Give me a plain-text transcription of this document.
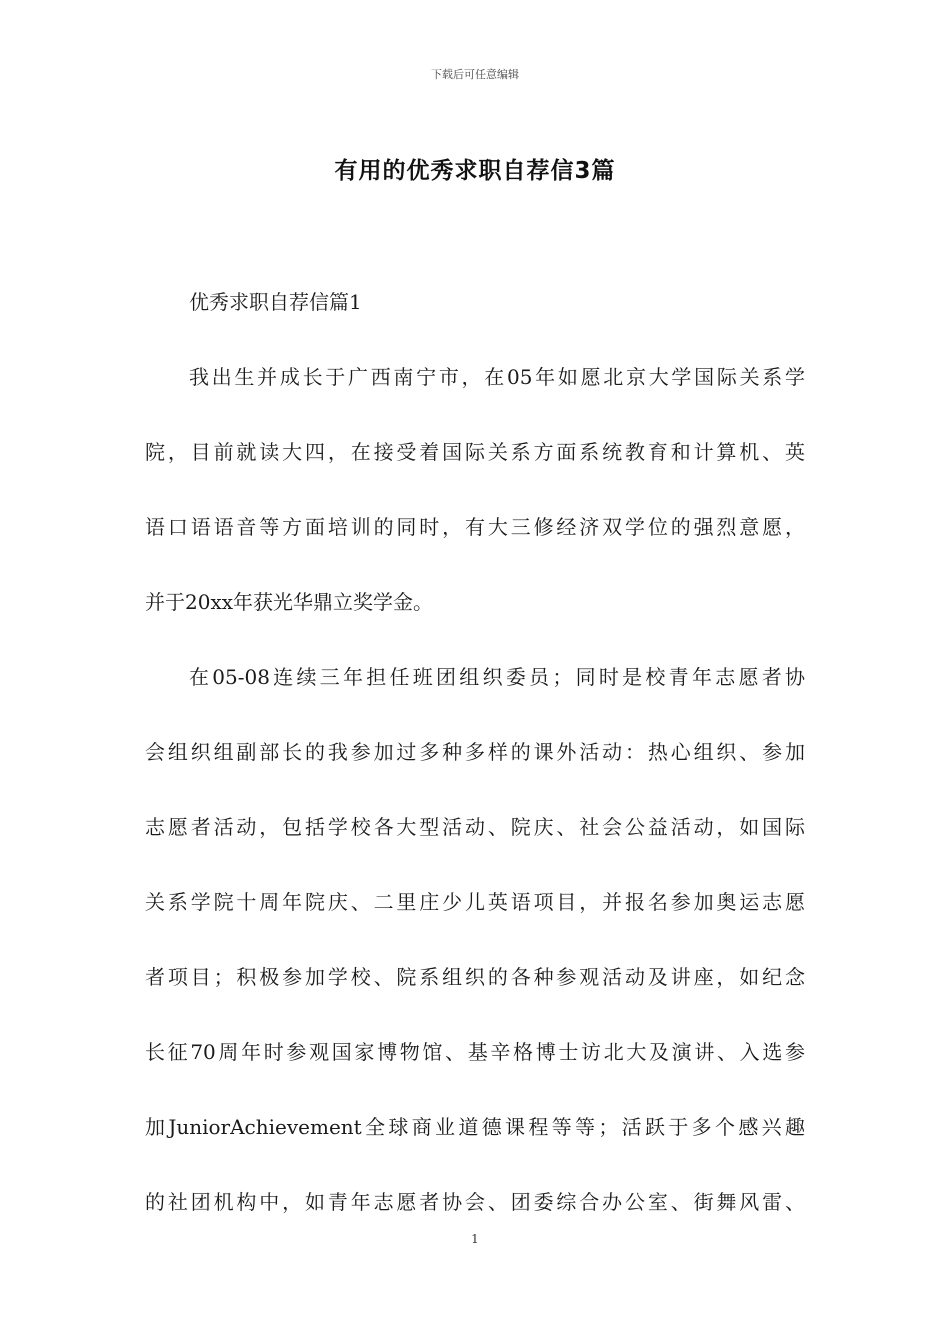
下载后可任意编辑
有用的优秀求职自荐信3篇
优秀求职自荐信篇1
我出生并成长于广西南宁市，在05年如愿北京大学国际关系学
院，目前就读大四，在接受着国际关系方面系统教育和计算机、英
语口语语音等方面培训的同时，有大三修经济双学位的强烈意愿，
并于20xx年获光华鼎立奖学金。
在05-08连续三年担任班团组织委员；同时是校青年志愿者协
会组织组副部长的我参加过多种多样的课外活动：热心组织、参加
志愿者活动，包括学校各大型活动、院庆、社会公益活动，如国际
关系学院十周年院庆、二里庄少儿英语项目，并报名参加奥运志愿
者项目；积极参加学校、院系组织的各种参观活动及讲座，如纪念
长征70周年时参观国家博物馆、基辛格博士访北大及演讲、入选参
加JuniorAchievement全球商业道德课程等等；活跃于多个感兴趣
的社团机构中，如青年志愿者协会、团委综合办公室、街舞风雷、
1
